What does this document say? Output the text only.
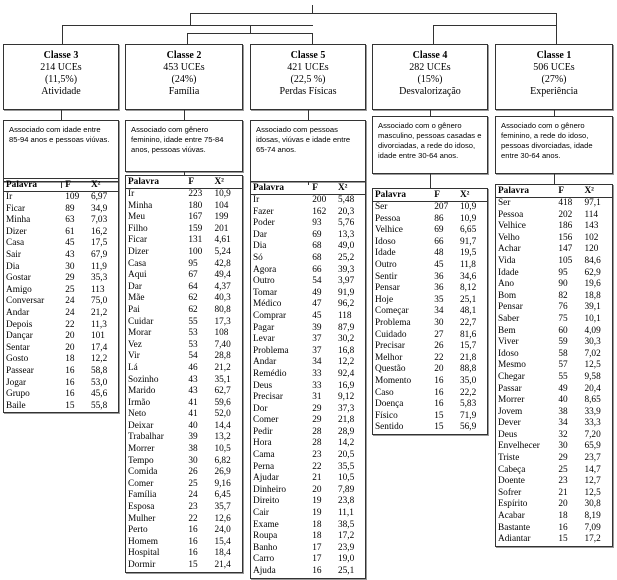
Classe 3
214 UCEs
(11,5%)
Atividade
Associado com idade entre 85-94 anos e pessoas viúvas.
Palavra	F	X²
Ir	109	6,97
Ficar	89	34,9
Minha	63	7,03
Dizer	61	16,2
Casa	45	17,5
Sair	43	67,9
Dia	30	11,9
Gostar	29	35,3
Amigo	25	113
Conversar	24	75,0
Andar	24	21,2
Depois	22	11,3
Dançar	20	101
Sentar	20	17,4
Gosto	18	12,2
Passear	16	58,8
Jogar	16	53,0
Grupo	16	45,6
Baile	15	55,8
Classe 2
453 UCEs
(24%)
Família
Associado com gênero feminino, idade entre 75-84 anos, pessoas viúvas.
Palavra	F	X²
Ir	223	10,9
Minha	180	104
Meu	167	199
Filho	159	201
Ficar	131	4,61
Dizer	100	5,24
Casa	95	42,8
Aqui	67	49,4
Dar	64	4,37
Mãe	62	40,3
Pai	62	80,8
Cuidar	55	17,3
Morar	53	108
Vez	53	7,40
Vir	54	28,8
Lá	46	21,2
Sozinho	43	35,1
Marido	43	62,7
Irmão	41	59,6
Neto	41	52,0
Deixar	40	14,4
Trabalhar	39	13,2
Morrer	38	10,5
Tempo	30	6,82
Comida	26	26,9
Comer	25	9,16
Família	24	6,45
Esposa	23	35,7
Mulher	22	12,6
Perto	16	24,0
Homem	16	15,4
Hospital	16	18,4
Dormir	15	21,4
Classe 5
421 UCEs
(22,5 %)
Perdas Físicas
Associado com pessoas idosas, viúvas e idade entre 65-74 anos.
Palavra	F	X²
Ir	200	5,48
Fazer	162	20,3
Poder	93	5,76
Dar	69	13,3
Dia	68	49,0
Só	68	25,2
Agora	66	39,3
Outro	54	3,97
Tomar	49	91,9
Médico	47	96,2
Comprar	45	118
Pagar	39	87,9
Levar	37	30,2
Problema	37	16,8
Andar	34	12,2
Remédio	33	92,4
Deus	33	16,9
Precisar	31	9,12
Dor	29	37,3
Comer	29	21,8
Pedir	28	28,9
Hora	28	14,2
Cama	23	20,5
Perna	22	35,5
Ajudar	21	10,5
Dinheiro	20	7,89
Direito	19	23,8
Cair	19	11,1
Exame	18	38,5
Roupa	18	17,2
Banho	17	23,9
Carro	17	19,0
Ajuda	16	25,1
Classe 4
282 UCEs
(15%)
Desvalorização
Associado com o gênero masculino, pessoas casadas e divorciadas, a rede do idoso, idade entre 30-64 anos.
Palavra	F	X²
Ser	207	10,9
Pessoa	86	10,9
Velhice	69	6,65
Idoso	66	91,7
Idade	48	19,5
Outro	45	11,8
Sentir	36	34,6
Pensar	36	8,12
Hoje	35	25,1
Começar	34	48,1
Problema	30	22,7
Cuidado	27	81,6
Precisar	26	15,7
Melhor	22	21,8
Questão	20	88,8
Momento	16	35,0
Caso	16	22,2
Doença	16	5,83
Físico	15	71,9
Sentido	15	56,9
Classe 1
506 UCEs
(27%)
Experiência
Associado com o gênero feminino, a rede do idoso, pessoas divorciadas, idade entre 30-64 anos.
Palavra	F	X²
Ser	418	97,1
Pessoa	202	114
Velhice	186	143
Velho	156	102
Achar	147	120
Vida	105	84,6
Idade	95	62,9
Ano	90	19,6
Bom	82	18,8
Pensar	76	39,1
Saber	75	10,1
Bem	60	4,09
Viver	59	30,3
Idoso	58	7,02
Mesmo	57	12,5
Chegar	55	9,58
Passar	49	20,4
Morrer	40	8,65
Jovem	38	33,9
Dever	34	33,3
Deus	32	7,20
Envelhecer	30	65,9
Triste	29	23,7
Cabeça	25	14,7
Doente	23	12,7
Sofrer	21	12,5
Espírito	20	30,8
Acabar	18	8,19
Bastante	16	7,09
Adiantar	15	17,2
